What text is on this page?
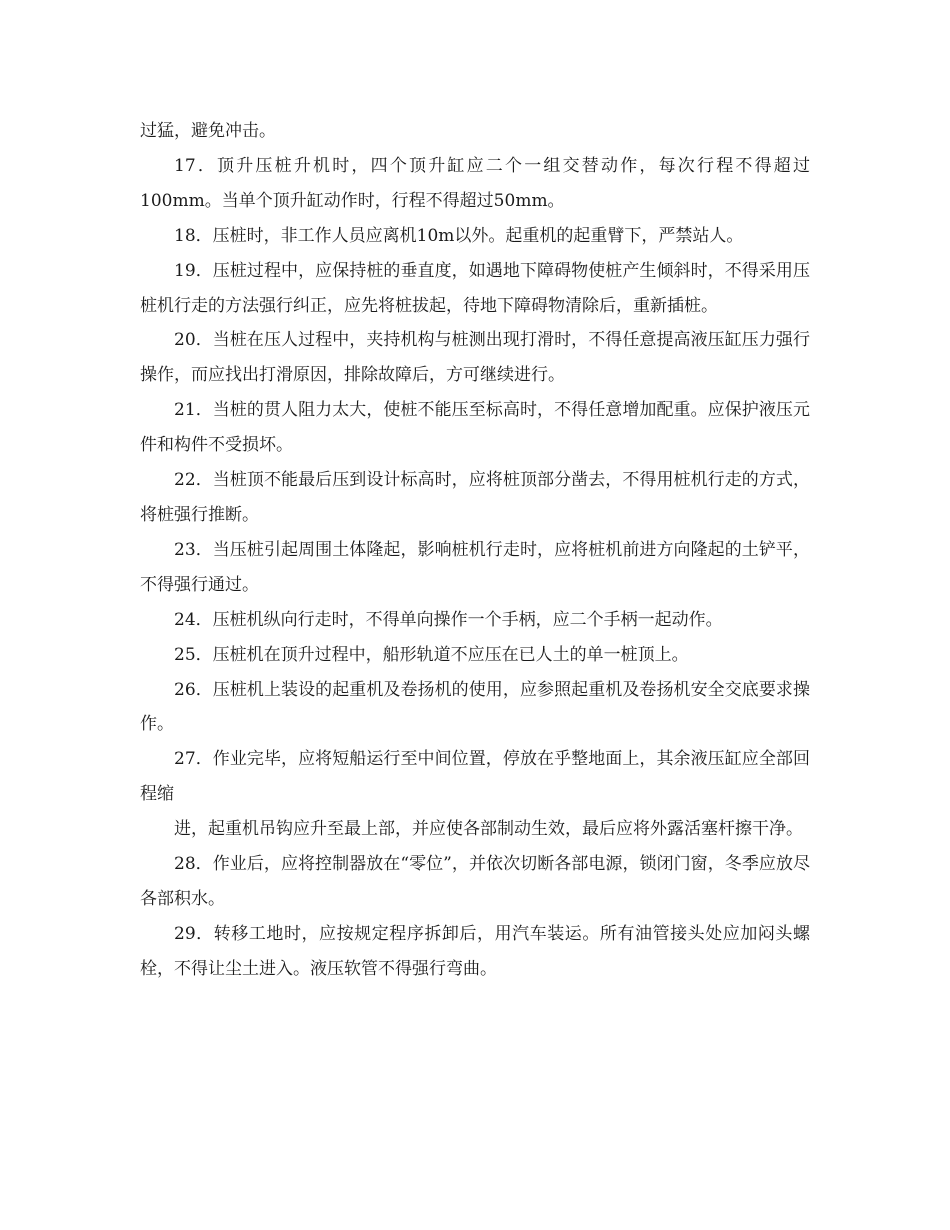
过猛，避免冲击。

17．顶升压桩升机时，四个顶升缸应二个一组交替动作，每次行程不得超过100mm。当单个顶升缸动作时，行程不得超过50mm。

18．压桩时，非工作人员应离机10m以外。起重机的起重臂下，严禁站人。

19．压桩过程中，应保持桩的垂直度，如遇地下障碍物使桩产生倾斜时，不得采用压桩机行走的方法强行纠正，应先将桩拔起，待地下障碍物清除后，重新插桩。

20．当桩在压人过程中，夹持机构与桩测出现打滑时，不得任意提高液压缸压力强行操作，而应找出打滑原因，排除故障后，方可继续进行。

21．当桩的贯人阻力太大，使桩不能压至标高时，不得任意增加配重。应保护液压元件和构件不受损坏。

22．当桩顶不能最后压到设计标高时，应将桩顶部分凿去，不得用桩机行走的方式，将桩强行推断。

23．当压桩引起周围土体隆起，影响桩机行走时，应将桩机前进方向隆起的土铲平，不得强行通过。

24．压桩机纵向行走时，不得单向操作一个手柄，应二个手柄一起动作。

25．压桩机在顶升过程中，船形轨道不应压在已人土的单一桩顶上。

26．压桩机上装设的起重机及卷扬机的使用，应参照起重机及卷扬机安全交底要求操作。

27．作业完毕，应将短船运行至中间位置，停放在乎整地面上，其余液压缸应全部回程缩

进，起重机吊钩应升至最上部，并应使各部制动生效，最后应将外露活塞杆擦干净。

28．作业后，应将控制器放在“零位”，并依次切断各部电源，锁闭门窗，冬季应放尽各部积水。

29．转移工地时，应按规定程序拆卸后，用汽车装运。所有油管接头处应加闷头螺栓，不得让尘土进入。液压软管不得强行弯曲。
